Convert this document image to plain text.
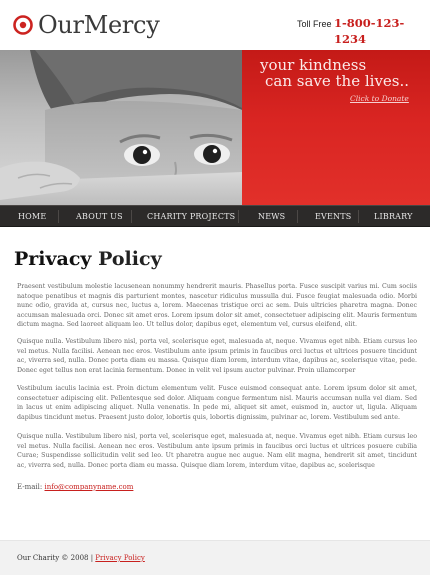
OurMercy	Toll Free 1-800-123-1234
your kindness
can save the lives..
Click to Donate
HOME	ABOUT US	CHARITY PROJECTS	NEWS	EVENTS	LIBRARY
Privacy Policy

Praesent vestibulum molestie lacusenean nonummy hendrerit mauris. Phasellus porta. Fusce suscipit varius mi. Cum sociis natoque penatibus et magnis dis parturient montes, nascetur ridiculus mussulla dui. Fusce feugiat malesuada odio. Morbi nunc odio, gravida at, cursus nec, luctus a, lorem. Maecenas tristique orci ac sem. Duis ultricies pharetra magna. Donec accumsan malesuada orci. Donec sit amet eros. Lorem ipsum dolor sit amet, consectetuer adipiscing elit. Mauris fermentum dictum magna. Sed laoreet aliquam leo. Ut tellus dolor, dapibus eget, elementum vel, cursus eleifend, elit.

Quisque nulla. Vestibulum libero nisl, porta vel, scelerisque eget, malesuada at, neque. Vivamus eget nibh. Etiam cursus leo vel metus. Nulla facilisi. Aenean nec eros. Vestibulum ante ipsum primis in faucibus orci luctus et ultrices posuere tincidunt ac, viverra sed, nulla. Donec porta diam eu massa. Quisque diam lorem, interdum vitae, dapibus ac, scelerisque vitae, pede. Donec eget tellus non erat lacinia fermentum. Donec in velit vel ipsum auctor pulvinar. Proin ullamcorper

Vestibulum iaculis lacinia est. Proin dictum elementum velit. Fusce euismod consequat ante. Lorem ipsum dolor sit amet, consectetuer adipiscing elit. Pellentesque sed dolor. Aliquam congue fermentum nisl. Mauris accumsan nulla vel diam. Sed in lacus ut enim adipiscing aliquet. Nulla venenatis. In pede mi, aliquet sit amet, euismod in, auctor ut, ligula. Aliquam dapibus tincidunt metus. Praesent justo dolor, lobortis quis, lobortis dignissim, pulvinar ac, lorem. Vestibulum sed ante.

Quisque nulla. Vestibulum libero nisl, porta vel, scelerisque eget, malesuada at, neque. Vivamus eget nibh. Etiam cursus leo vel metus. Nulla facilisi. Aenean nec eros. Vestibulum ante ipsum primis in faucibus orci luctus et ultrices posuere cubilia Curae; Suspendisse sollicitudin velit sed leo. Ut pharetra augue nec augue. Nam elit magna, hendrerit sit amet, tincidunt ac, viverra sed, nulla. Donec porta diam eu massa. Quisque diam lorem, interdum vitae, dapibus ac, scelerisque

E-mail: info@companyname.com
Our Charity © 2008 | Privacy Policy
